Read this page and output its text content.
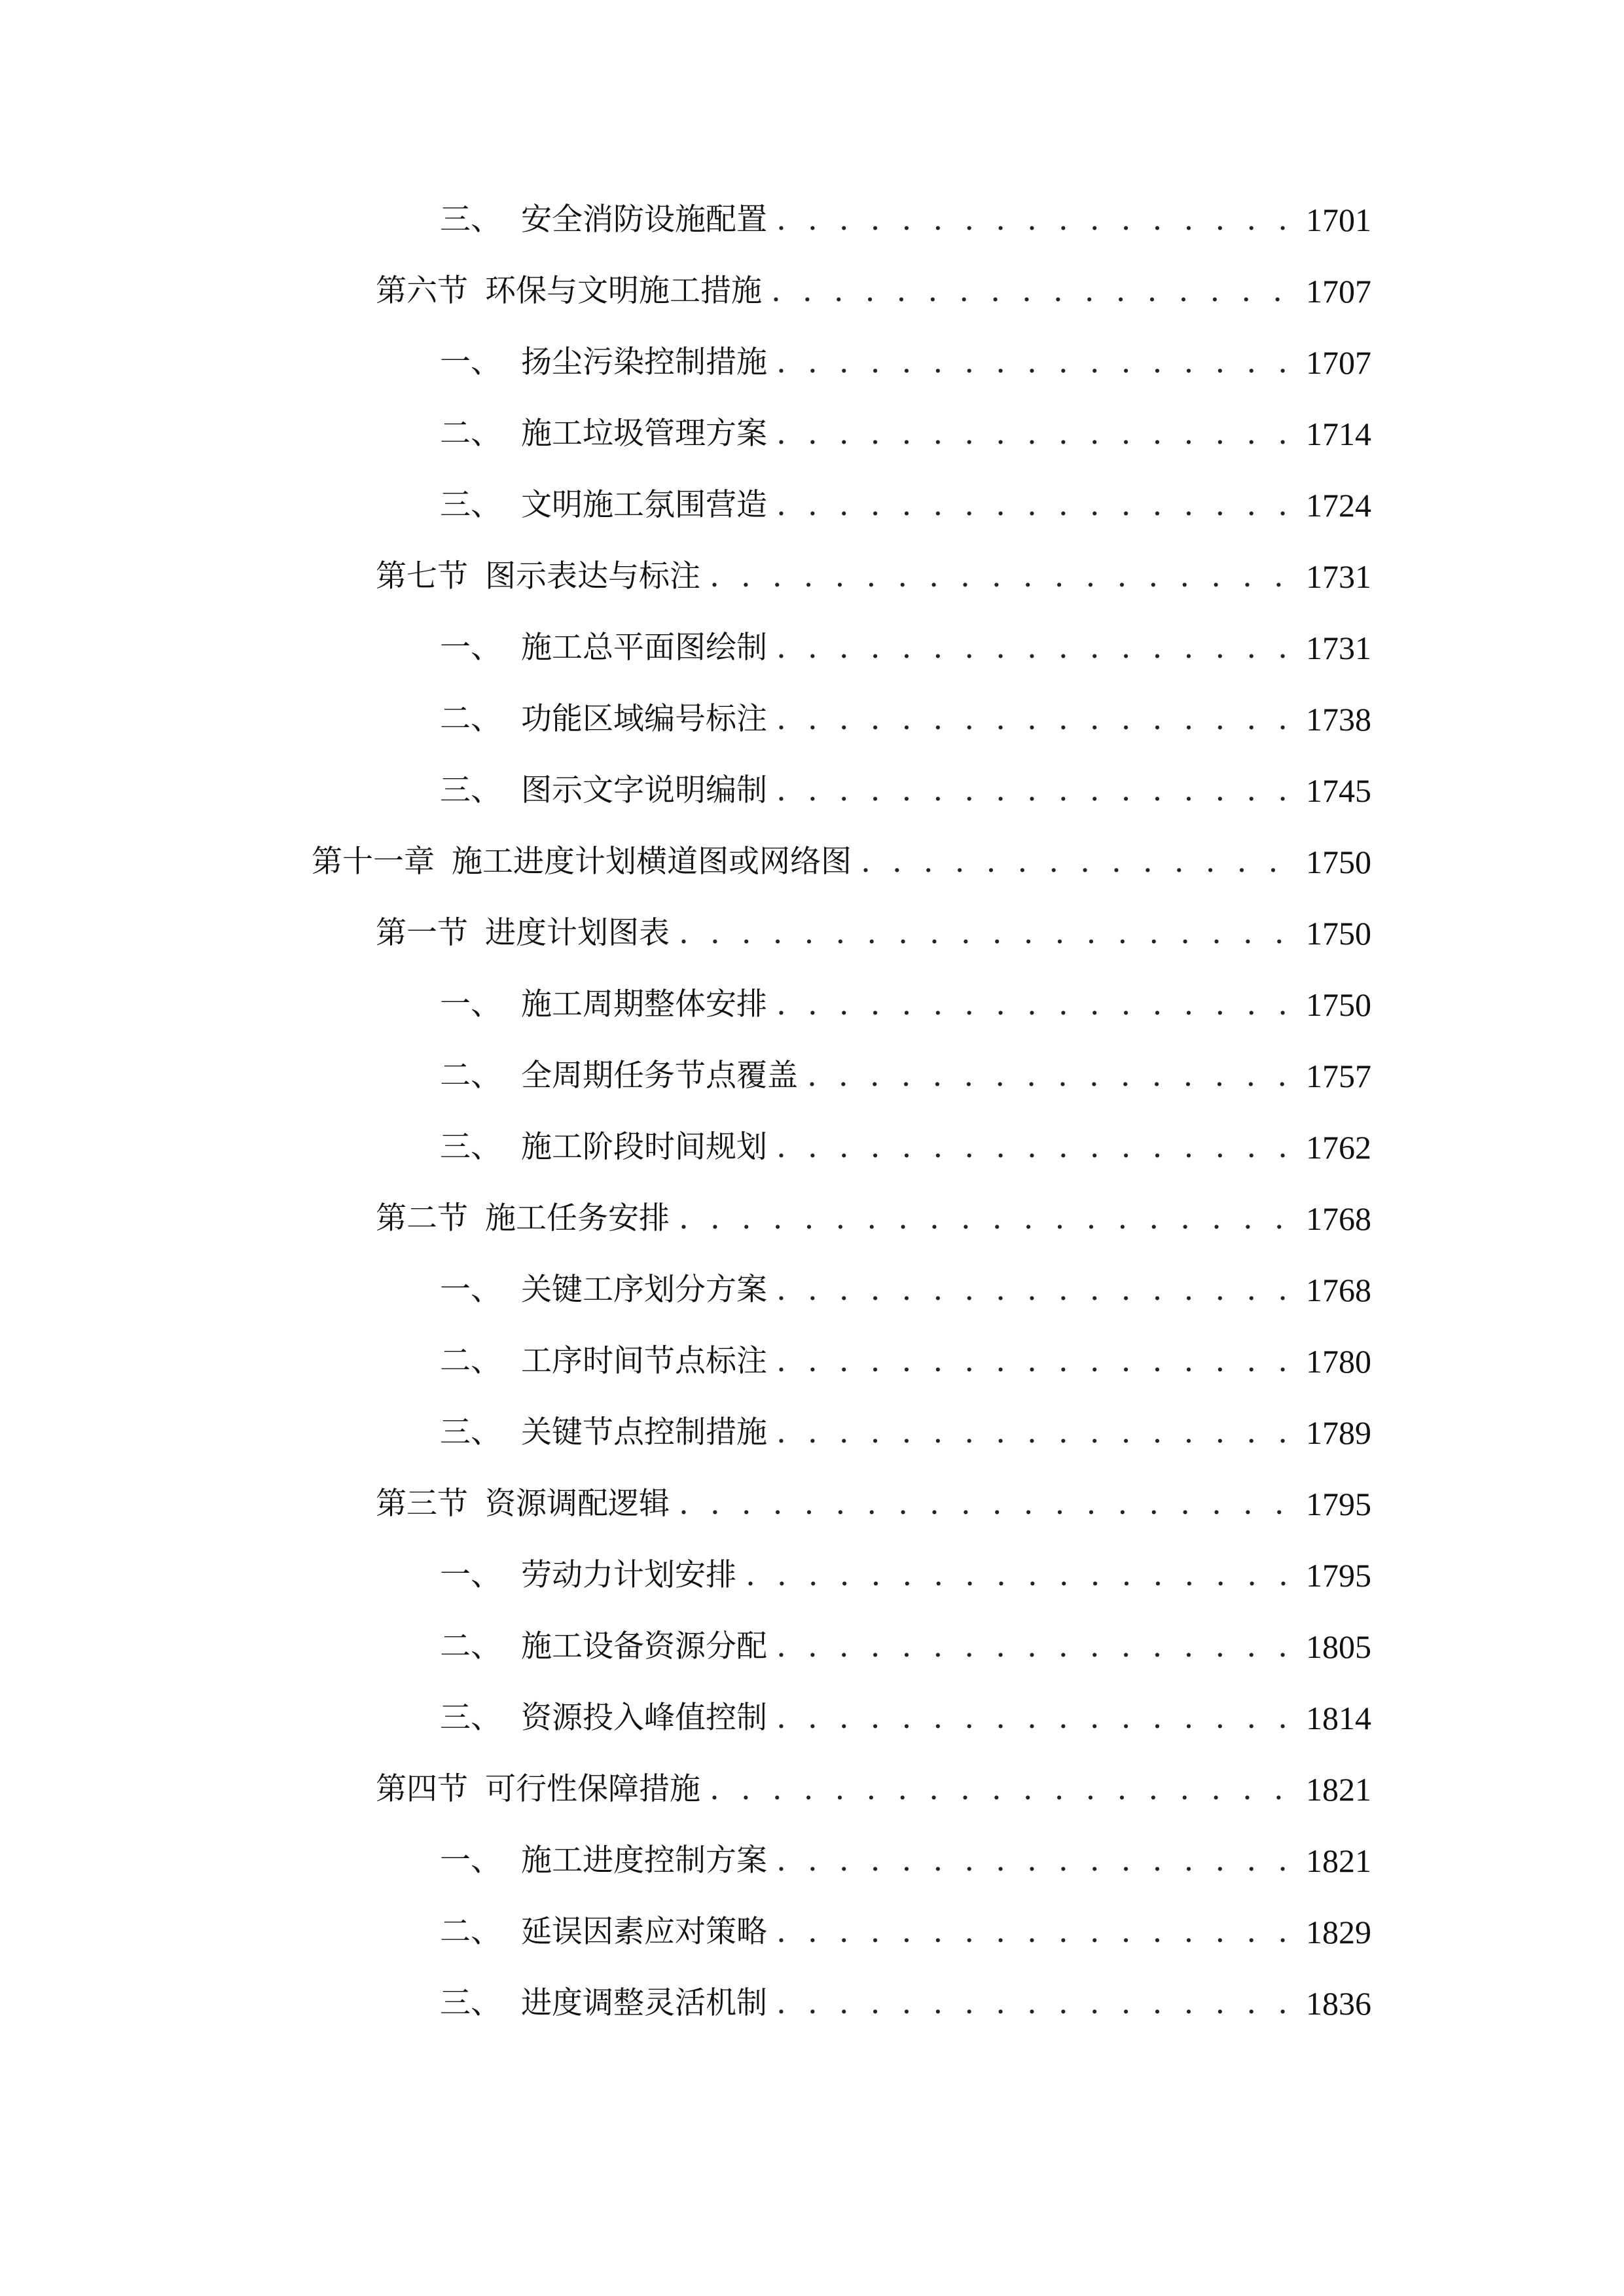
三、 安全消防设施配置 . . .	1701
第六节 环保与文明施工措施 . . .	1707
一、 扬尘污染控制措施 . . .	1707
二、 施工垃圾管理方案 . . .	1714
三、 文明施工氛围营造 . . .	1724
第七节 图示表达与标注 . . .	1731
一、 施工总平面图绘制 . . .	1731
二、 功能区域编号标注 . . .	1738
三、 图示文字说明编制 . . .	1745
第十一章 施工进度计划横道图或网络图 . . .	1750
第一节 进度计划图表 . . .	1750
一、 施工周期整体安排 . . .	1750
二、 全周期任务节点覆盖 . . .	1757
三、 施工阶段时间规划 . . .	1762
第二节 施工任务安排 . . .	1768
一、 关键工序划分方案 . . .	1768
二、 工序时间节点标注 . . .	1780
三、 关键节点控制措施 . . .	1789
第三节 资源调配逻辑 . . .	1795
一、 劳动力计划安排 . . .	1795
二、 施工设备资源分配 . . .	1805
三、 资源投入峰值控制 . . .	1814
第四节 可行性保障措施 . . .	1821
一、 施工进度控制方案 . . .	1821
二、 延误因素应对策略 . . .	1829
三、 进度调整灵活机制 . . .	1836
